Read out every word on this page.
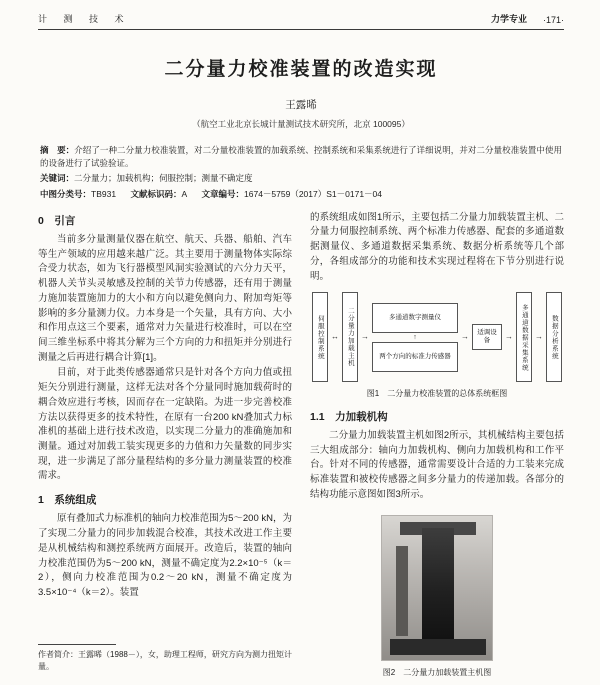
计 测 技 术	力学专业 ·171·
二分量力校准装置的改造实现
王露晞
（航空工业北京长城计量测试技术研究所，北京 100095）

摘　要：介绍了一种二分量力校准装置，对二分量校准装置的加载系统、控制系统和采集系统进行了详细说明，并对二分量校准装置中使用的设备进行了试验验证。

关键词：二分量力；加载机构；伺服控制；测量不确定度

中图分类号：TB931 文献标识码：A 文章编号：1674－5759（2017）S1－0171－04

0　引言

当前多分量测量仪器在航空、航天、兵器、船舶、汽车等生产领域的应用越来越广泛。其主要用于测量物体实际综合受力状态，如为飞行器模型风洞实验测试的六分力天平，机器人关节头灵敏感及控制的关节力传感器，还有用于测量力施加装置施加力的大小和方向以避免侧向力、附加弯矩等影响的多分量测力仪。力本身是一个矢量，具有方向、大小和作用点这三个要素，通常对力矢量进行校准时，可以在空间三维坐标系中将其分解为三个方向的力和扭矩并分别进行测量之后再进行耦合计算[1]。

目前，对于此类传感器通常只是针对各个方向力值或扭矩矢分别进行测量，这样无法对各个分量同时施加载荷时的耦合效应进行考核，因而存在一定缺陷。为进一步完善校准方法以获得更多的技术特性，在原有一台200 kN叠加式力标准机的基础上进行技术改造，以实现二分量力的准确施加和测量。通过对加载工装实现更多的力值和力矢量数的同步实现，进一步满足了部分量程结构的多分量力测量装置的校准需求。

1　系统组成

原有叠加式力标准机的轴向力校准范围为5～200 kN，为了实现二分量力的同步加载混合校准，其技术改进工作主要是从机械结构和测控系统两方面展开。改造后，装置的轴向力校准范围仍为5～200 kN，测量不确定度为2.2×10⁻⁵（k＝2），侧向力校准范围为0.2～20 kN，测量不确定度为3.5×10⁻⁴（k＝2）。装置

的系统组成如图1所示，主要包括二分量力加载装置主机、二分量力伺服控制系统、两个标准力传感器、配套的多通道数据测量仪、多通道数据采集系统、数据分析系统等几个部分，各组成部分的功能和技术实现过程将在下节分别进行说明。

伺服控制系统 ↔	二分量力加载主机 →
多通道数字测量仪
↑
两个方向的标准力传感器
→	适调设备	→	多通道数据采集系统 →	数据分析系统
图1　二分量力校准装置的总体系统框图
1.1　力加载机构

二分量力加载装置主机如图2所示，其机械结构主要包括三大组成部分：轴向力加载机构、侧向力加载机构和工作平台。针对不同的传感器，通常需要设计合适的力工装来完成标准装置和被校传感器之间多分量力的传递加载。各部分的结构功能示意图如图3所示。

图2　二分量力加载装置主机图

作者简介：王露晞（1988－），女，助理工程师，研究方向为测力扭矩计量。
